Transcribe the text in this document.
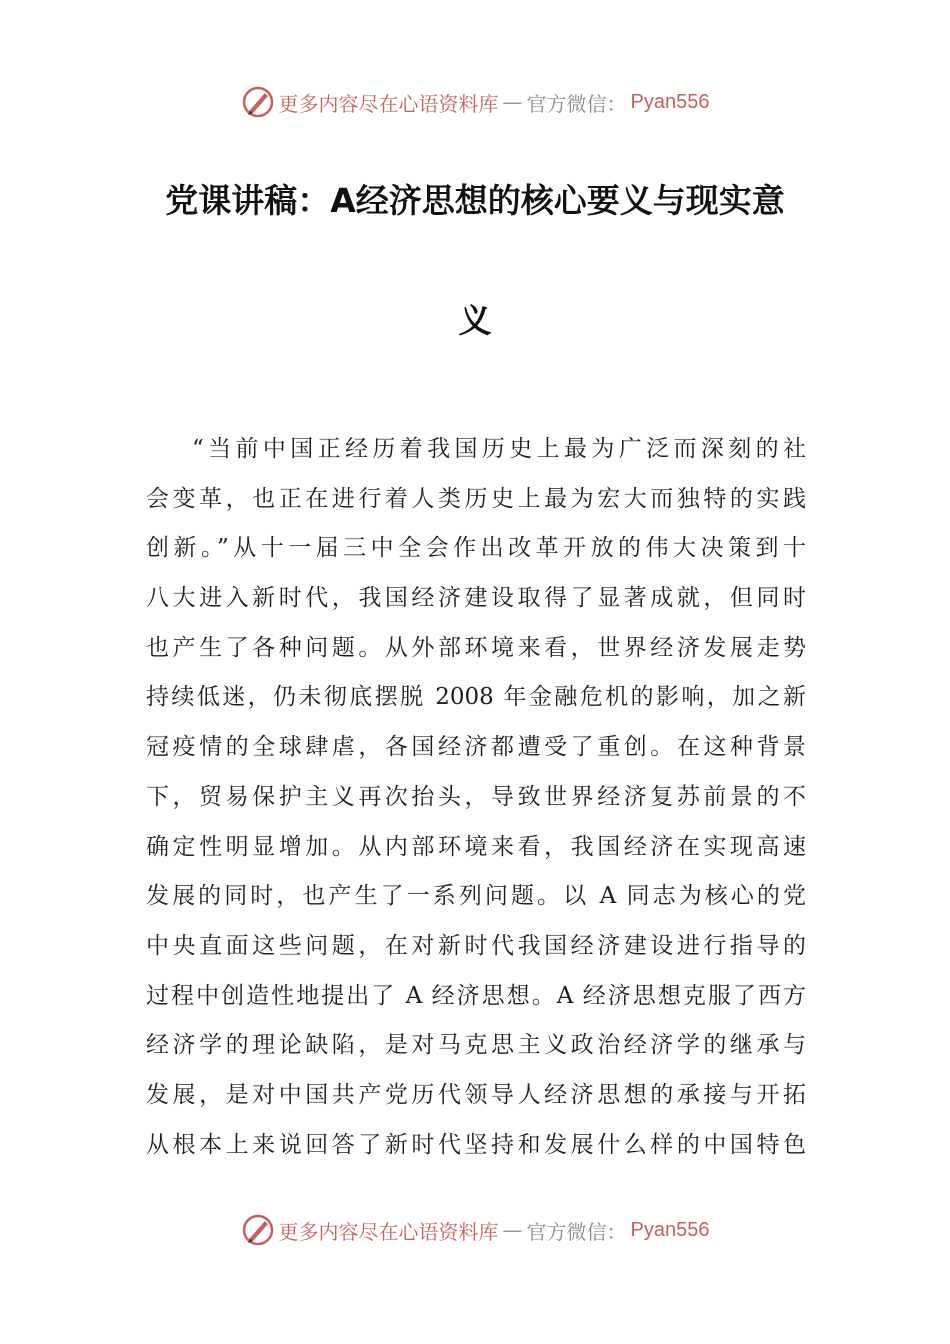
更多内容尽在心语资料库 — 官方微信： Pyan556
党课讲稿：A经济思想的核心要义与现实意
义
“当前中国正经历着我国历史上最为广泛而深刻的社
会变革，也正在进行着人类历史上最为宏大而独特的实践
创新。”从十一届三中全会作出改革开放的伟大决策到十
八大进入新时代，我国经济建设取得了显著成就，但同时
也产生了各种问题。从外部环境来看，世界经济发展走势
持续低迷，仍未彻底摆脱 2008 年金融危机的影响，加之新
冠疫情的全球肆虐，各国经济都遭受了重创。在这种背景
下，贸易保护主义再次抬头，导致世界经济复苏前景的不
确定性明显增加。从内部环境来看，我国经济在实现高速
发展的同时，也产生了一系列问题。以 A 同志为核心的党
中央直面这些问题，在对新时代我国经济建设进行指导的
过程中创造性地提出了 A 经济思想。A 经济思想克服了西方
经济学的理论缺陷，是对马克思主义政治经济学的继承与
发展，是对中国共产党历代领导人经济思想的承接与开拓
从根本上来说回答了新时代坚持和发展什么样的中国特色
更多内容尽在心语资料库 — 官方微信： Pyan556
